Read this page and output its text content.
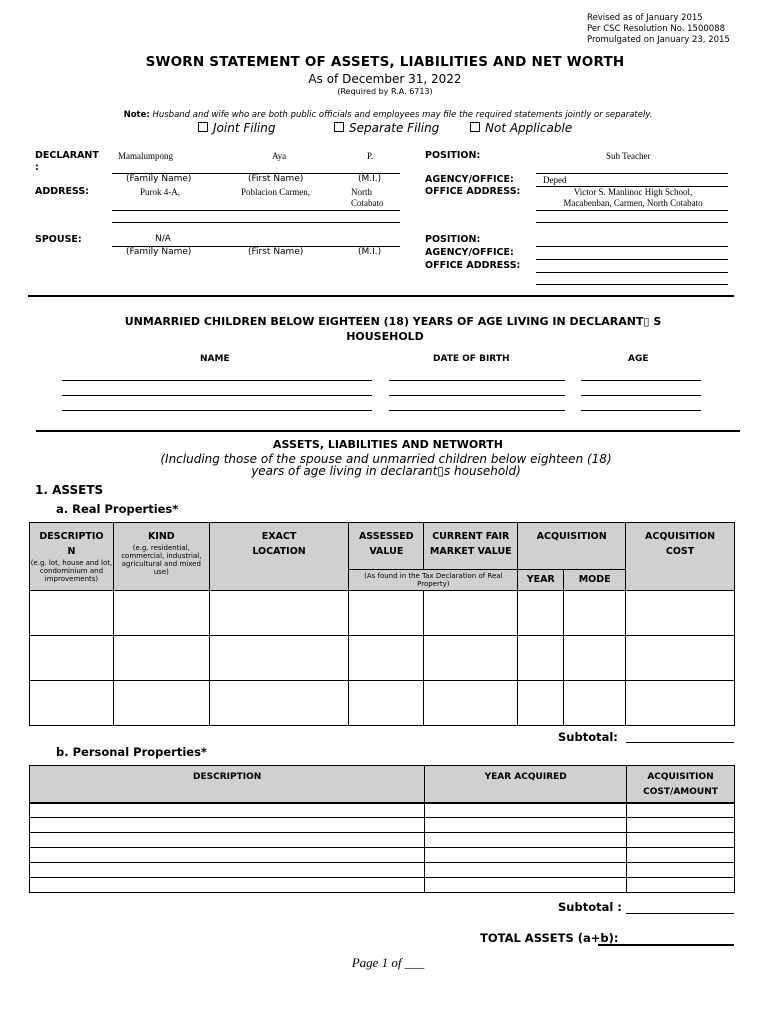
Revised as of January 2015
Per CSC Resolution No. 1500088
Promulgated on January 23, 2015
SWORN STATEMENT OF ASSETS, LIABILITIES AND NET WORTH
As of December 31, 2022
(Required by R.A. 6713)
Note: Husband and wife who are both public officials and employees may file the required statements jointly or separately.
Joint Filing	Separate Filing	Not Applicable
DECLARANT
:
Mamalumpong	Aya	P.
(Family Name)	(First Name)	(M.I.)
ADDRESS:	Purok 4-A,	Poblacion Carmen,	North
Cotabato
POSITION:	Sub Teacher
AGENCY/OFFICE:	Deped
OFFICE ADDRESS:	Victor S. Manlinoc High School,
Macabenban, Carmen, North Cotabato
SPOUSE:	N/A
(Family Name)	(First Name)	(M.I.)
POSITION:
AGENCY/OFFICE:
OFFICE ADDRESS:
UNMARRIED CHILDREN BELOW EIGHTEEN (18) YEARS OF AGE LIVING IN DECLARANT▯ S
HOUSEHOLD
NAME	DATE OF BIRTH	AGE
ASSETS, LIABILITIES AND NETWORTH
(Including those of the spouse and unmarried children below eighteen (18)
years of age living in declarant▯s household)
1. ASSETS
a. Real Properties*
DESCRIPTIO N
(e.g. lot, house and lot, condominium and improvements)	KIND
(e.g. residential, commercial, industrial, agricultural and mixed use)	EXACT LOCATION	ASSESSED VALUE	CURRENT FAIR MARKET VALUE	ACQUISITION		ACQUISITION COST

			(As found in the Tax Declaration of Real Property)		YEAR	MODE	

Subtotal:
b. Personal Properties*
DESCRIPTION	YEAR ACQUIRED	ACQUISITION COST/AMOUNT

Subtotal :
TOTAL ASSETS (a+b):
Page 1 of ___
